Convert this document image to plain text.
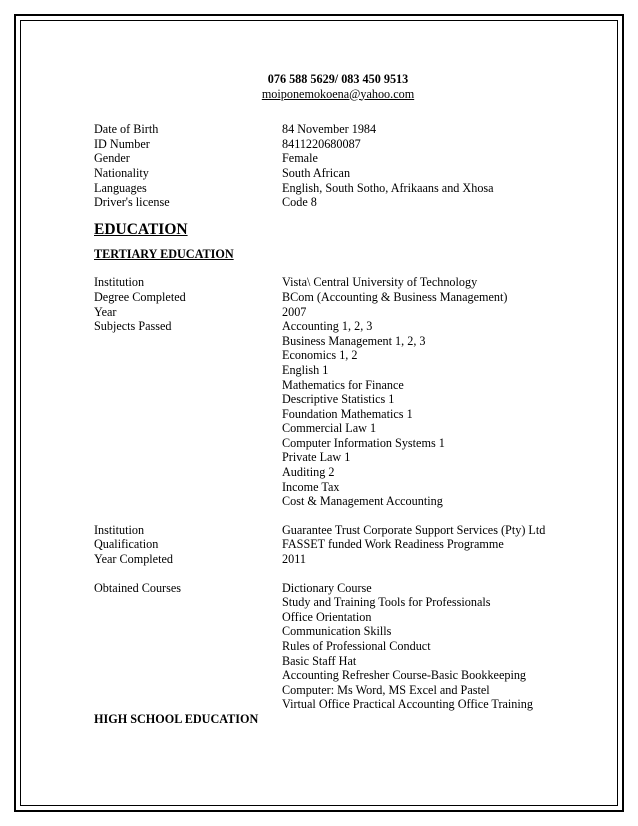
076 588 5629/ 083 450 9513
moiponemokoena@yahoo.com
Date of Birth	84 November 1984
ID Number	8411220680087
Gender	Female
Nationality	South African
Languages	English, South Sotho, Afrikaans and Xhosa
Driver's license	Code 8
EDUCATION
TERTIARY EDUCATION
Institution	Vista\ Central University of Technology
Degree Completed	BCom (Accounting & Business Management)
Year	2007
Subjects Passed	Accounting 1, 2, 3
Business Management 1, 2, 3
Economics 1, 2
English 1
Mathematics for Finance
Descriptive Statistics 1
Foundation Mathematics 1
Commercial Law 1
Computer Information Systems 1
Private Law 1
Auditing 2
Income Tax
Cost & Management Accounting
Institution	Guarantee Trust Corporate Support Services (Pty) Ltd
Qualification	FASSET funded Work Readiness Programme
Year Completed	2011
Obtained Courses	Dictionary Course
Study and Training Tools for Professionals
Office Orientation
Communication Skills
Rules of Professional Conduct
Basic Staff Hat
Accounting Refresher Course-Basic Bookkeeping
Computer: Ms Word, MS Excel and Pastel
Virtual Office Practical Accounting Office Training
HIGH SCHOOL EDUCATION
